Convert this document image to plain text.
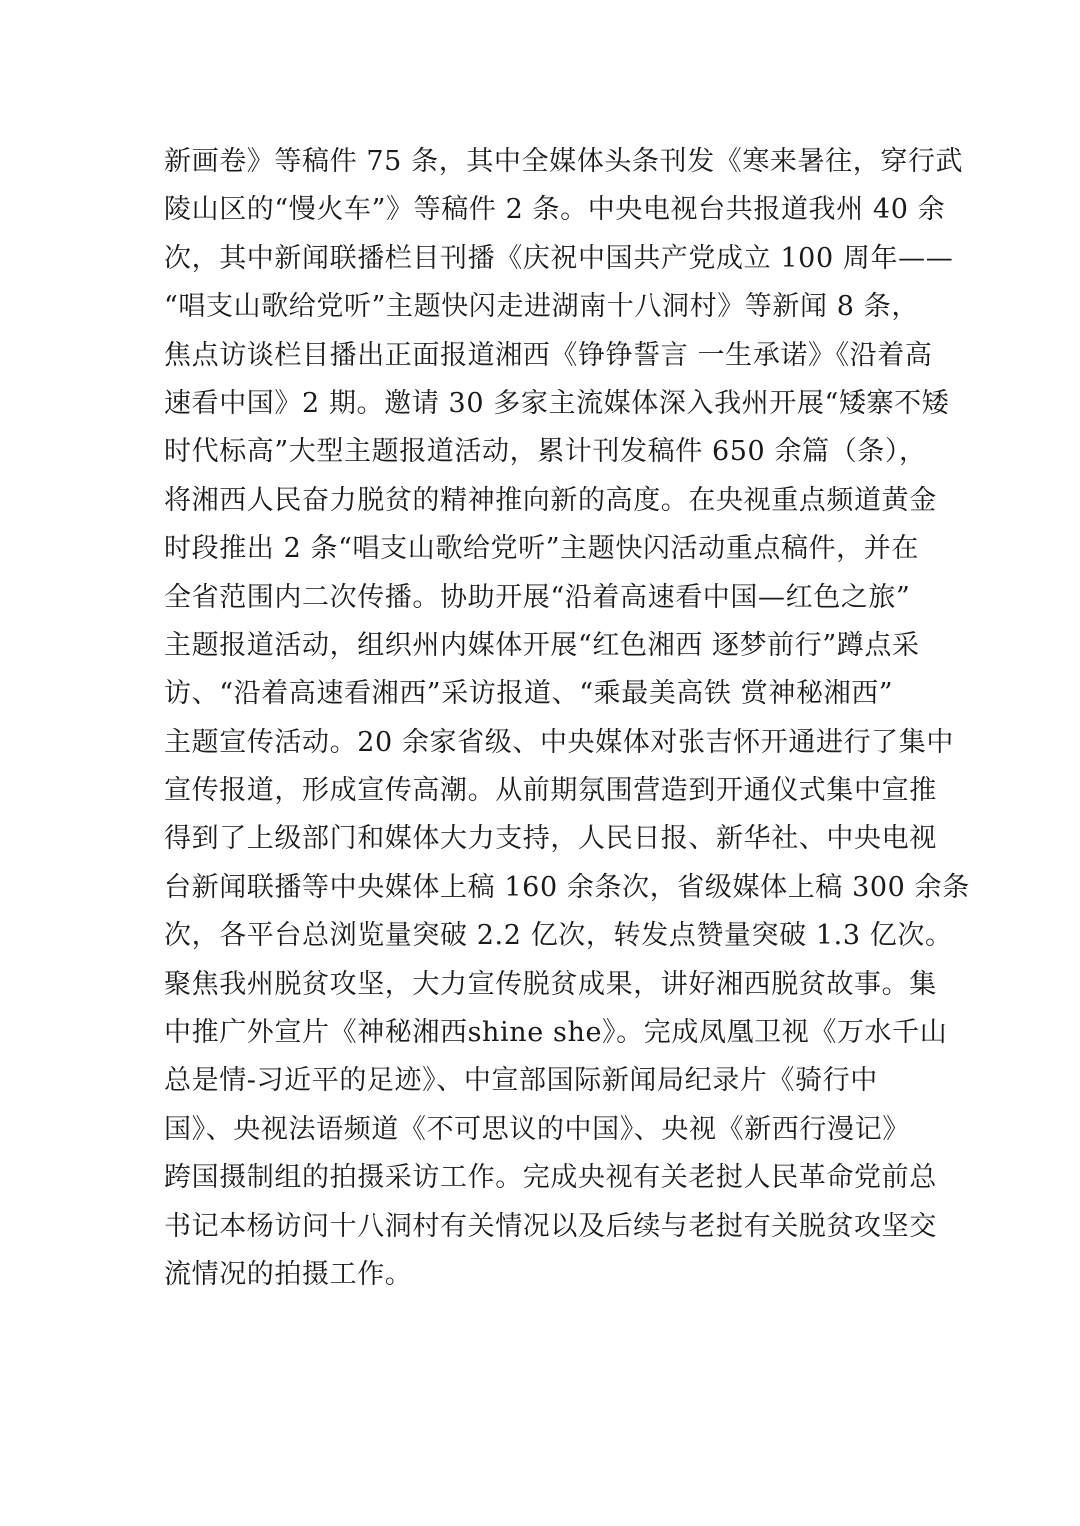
新画卷》等稿件 75 条，其中全媒体头条刊发《寒来暑往，穿行武
陵山区的“慢火车”》等稿件 2 条。中央电视台共报道我州 40 余
次，其中新闻联播栏目刊播《庆祝中国共产党成立 100 周年——
“唱支山歌给党听”主题快闪走进湖南十八洞村》等新闻 8 条，
焦点访谈栏目播出正面报道湘西《铮铮誓言 一生承诺》《沿着高
速看中国》2 期。邀请 30 多家主流媒体深入我州开展“矮寨不矮
时代标高”大型主题报道活动，累计刊发稿件 650 余篇（条），
将湘西人民奋力脱贫的精神推向新的高度。在央视重点频道黄金
时段推出 2 条“唱支山歌给党听”主题快闪活动重点稿件，并在
全省范围内二次传播。协助开展“沿着高速看中国—红色之旅”
主题报道活动，组织州内媒体开展“红色湘西 逐梦前行”蹲点采
访、“沿着高速看湘西”采访报道、“乘最美高铁 赏神秘湘西”
主题宣传活动。20 余家省级、中央媒体对张吉怀开通进行了集中
宣传报道，形成宣传高潮。从前期氛围营造到开通仪式集中宣推
得到了上级部门和媒体大力支持，人民日报、新华社、中央电视
台新闻联播等中央媒体上稿 160 余条次，省级媒体上稿 300 余条
次，各平台总浏览量突破 2.2 亿次，转发点赞量突破 1.3 亿次。
聚焦我州脱贫攻坚，大力宣传脱贫成果，讲好湘西脱贫故事。集
中推广外宣片《神秘湘西shine she》。完成凤凰卫视《万水千山
总是情-习近平的足迹》、中宣部国际新闻局纪录片《骑行中
国》、央视法语频道《不可思议的中国》、央视《新西行漫记》
跨国摄制组的拍摄采访工作。完成央视有关老挝人民革命党前总
书记本杨访问十八洞村有关情况以及后续与老挝有关脱贫攻坚交
流情况的拍摄工作。
